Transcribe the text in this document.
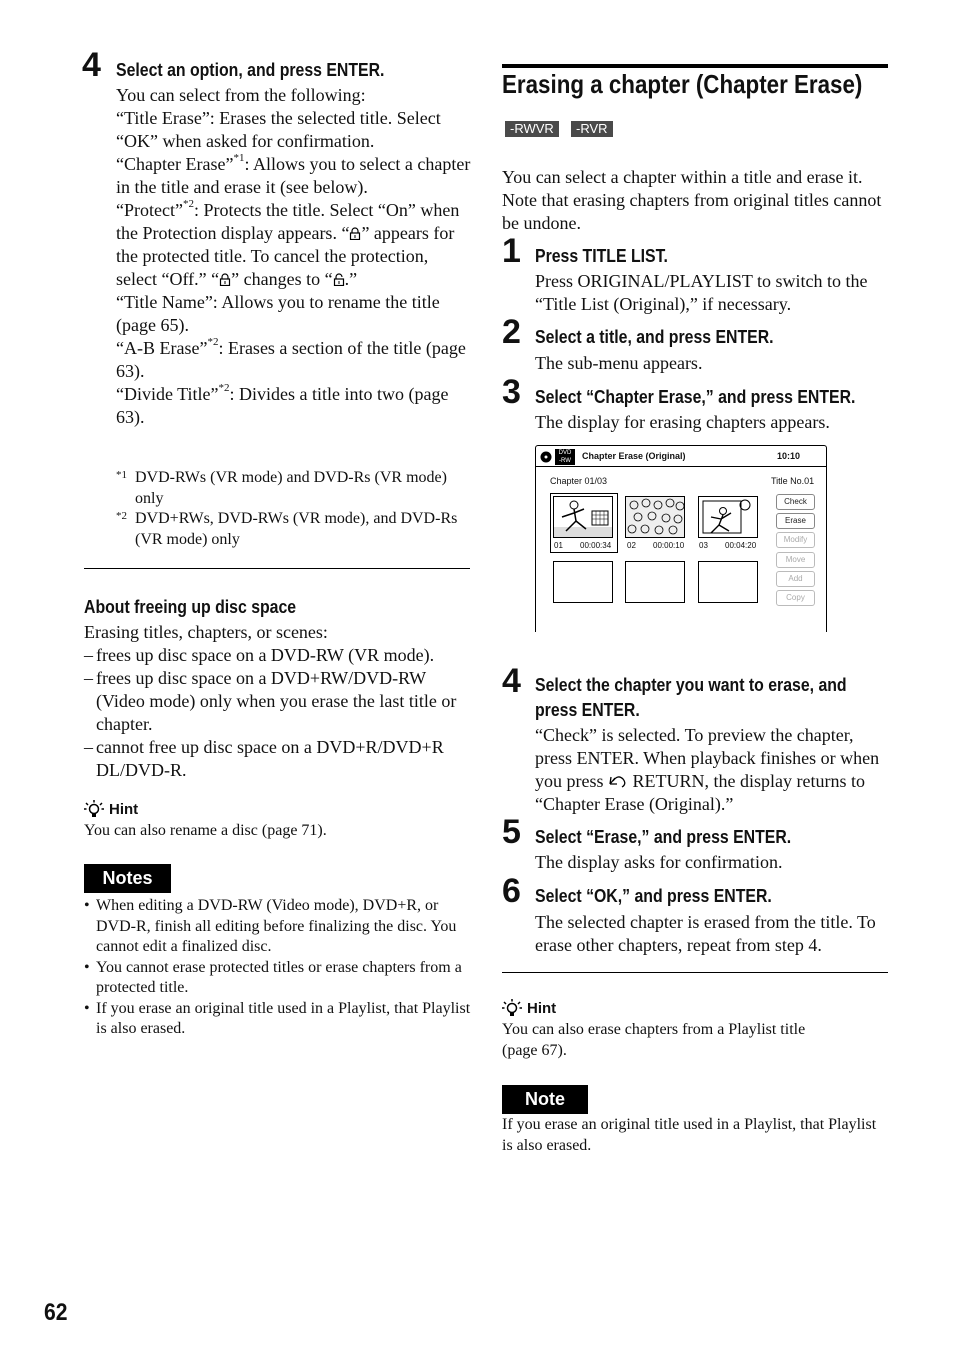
4 Select an option, and press ENTER.

You can select from the following:

“Title Erase”: Erases the selected title. Select “OK” when asked for confirmation.

“Chapter Erase”$^{*1}$: Allows you to select a chapter in the title and erase it (see below).

“Protect”$^{*2}$: Protects the title. Select “On” when the Protection display appears. “ ” appears for the protected title. To cancel the protection, select “Off.” “ ” changes to “ .”

“Title Name”: Allows you to rename the title (page 65).

“A-B Erase”$^{*2}$: Erases a section of the title (page 63).

“Divide Title”$^{*2}$: Divides a title into two (page 63).

*1 DVD-RWs (VR mode) and DVD-Rs (VR mode) only
*2 DVD+RWs, DVD-RWs (VR mode), and DVD-Rs (VR mode) only
About freeing up disc space

Erasing titles, chapters, or scenes:

– frees up disc space on a DVD-RW (VR mode).
– frees up disc space on a DVD+RW/DVD-RW (Video mode) only when you erase the last title or chapter.
– cannot free up disc space on a DVD+R/DVD+R DL/DVD-R.
Hint
You can also rename a disc (page 71).
Notes
• When editing a DVD-RW (Video mode), DVD+R, or DVD-R, finish all editing before finalizing the disc. You cannot edit a finalized disc.
• You cannot erase protected titles or erase chapters from a protected title.
• If you erase an original title used in a Playlist, that Playlist is also erased.
62
Erasing a chapter (Chapter Erase)
-RWVR	-RVR
You can select a chapter within a title and erase it. Note that erasing chapters from original titles cannot be undone.
1 Press TITLE LIST.
Press ORIGINAL/PLAYLIST to switch to the “Title List (Original),” if necessary.
2 Select a title, and press ENTER.
The sub-menu appears.
3 Select “Chapter Erase,” and press ENTER.
The display for erasing chapters appears.
DVD
-RW	Chapter Erase (Original)	10:10
Chapter 01/03	Title No.01
01 00:00:34 02 00:00:10 03 00:04:20
Check
Erase
Modify
Move
Add
Copy
4 Select the chapter you want to erase, and press ENTER.
“Check” is selected. To preview the chapter, press ENTER. When playback finishes or when you press  RETURN, the display returns to “Chapter Erase (Original).”
5 Select “Erase,” and press ENTER.
The display asks for confirmation.
6 Select “OK,” and press ENTER.
The selected chapter is erased from the title. To erase other chapters, repeat from step 4.
Hint
You can also erase chapters from a Playlist title (page 67).
Note
If you erase an original title used in a Playlist, that Playlist is also erased.
